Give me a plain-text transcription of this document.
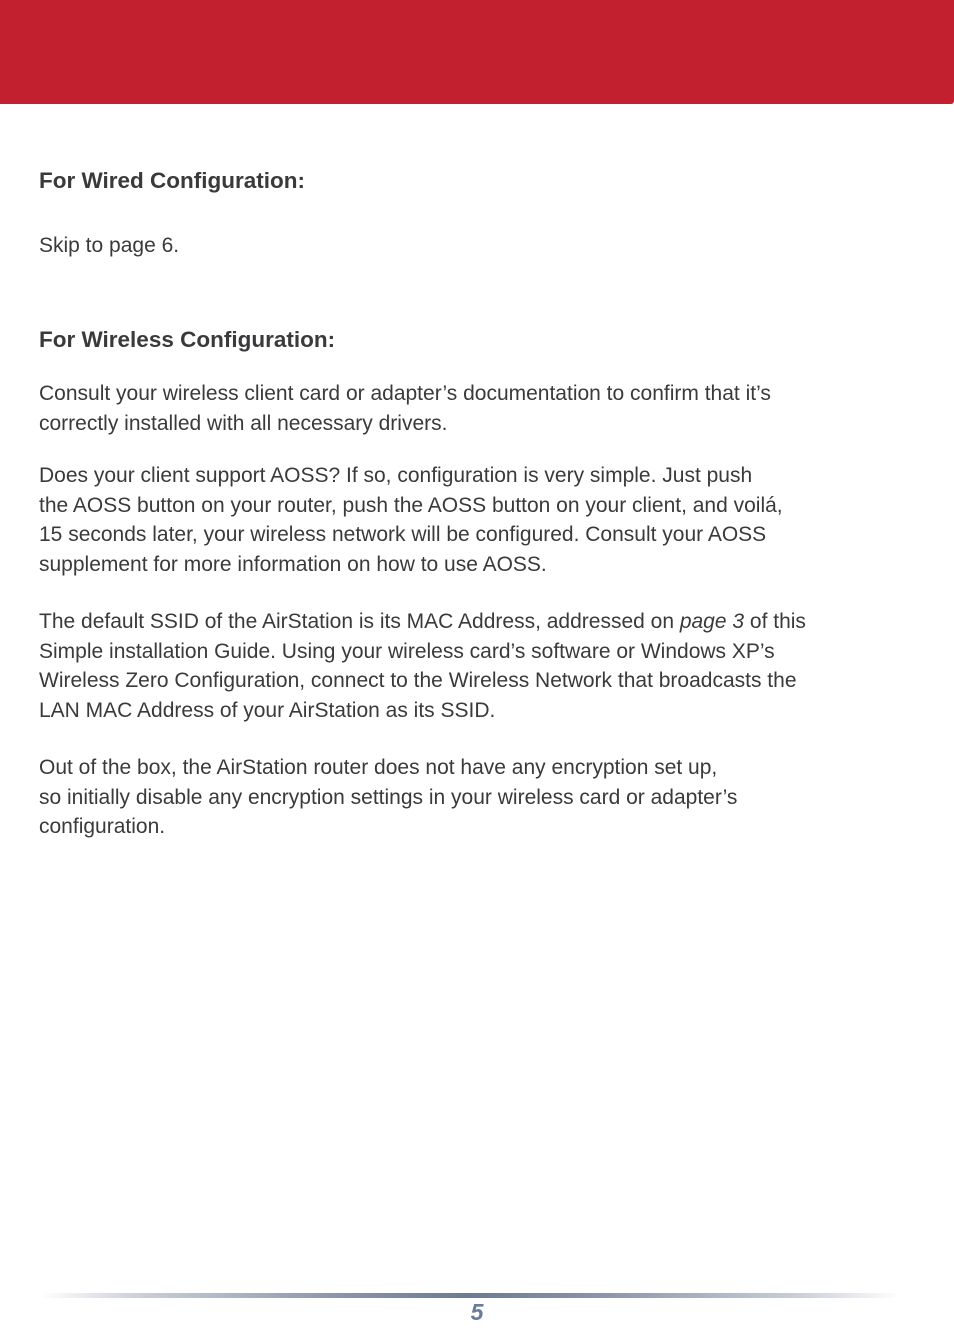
For Wired Configuration:

Skip to page 6.

For Wireless Configuration:

Consult your wireless client card or adapter’s documentation to confirm that it’s
correctly installed with all necessary drivers.

Does your client support AOSS? If so, configuration is very simple. Just push
the AOSS button on your router, push the AOSS button on your client, and voilá,
15 seconds later, your wireless network will be configured. Consult your AOSS
supplement for more information on how to use AOSS.

The default SSID of the AirStation is its MAC Address, addressed on page 3 of this
Simple installation Guide. Using your wireless card’s software or Windows XP’s
Wireless Zero Configuration, connect to the Wireless Network that broadcasts the
LAN MAC Address of your AirStation as its SSID.

Out of the box, the AirStation router does not have any encryption set up,
so initially disable any encryption settings in your wireless card or adapter’s
configuration.

5
